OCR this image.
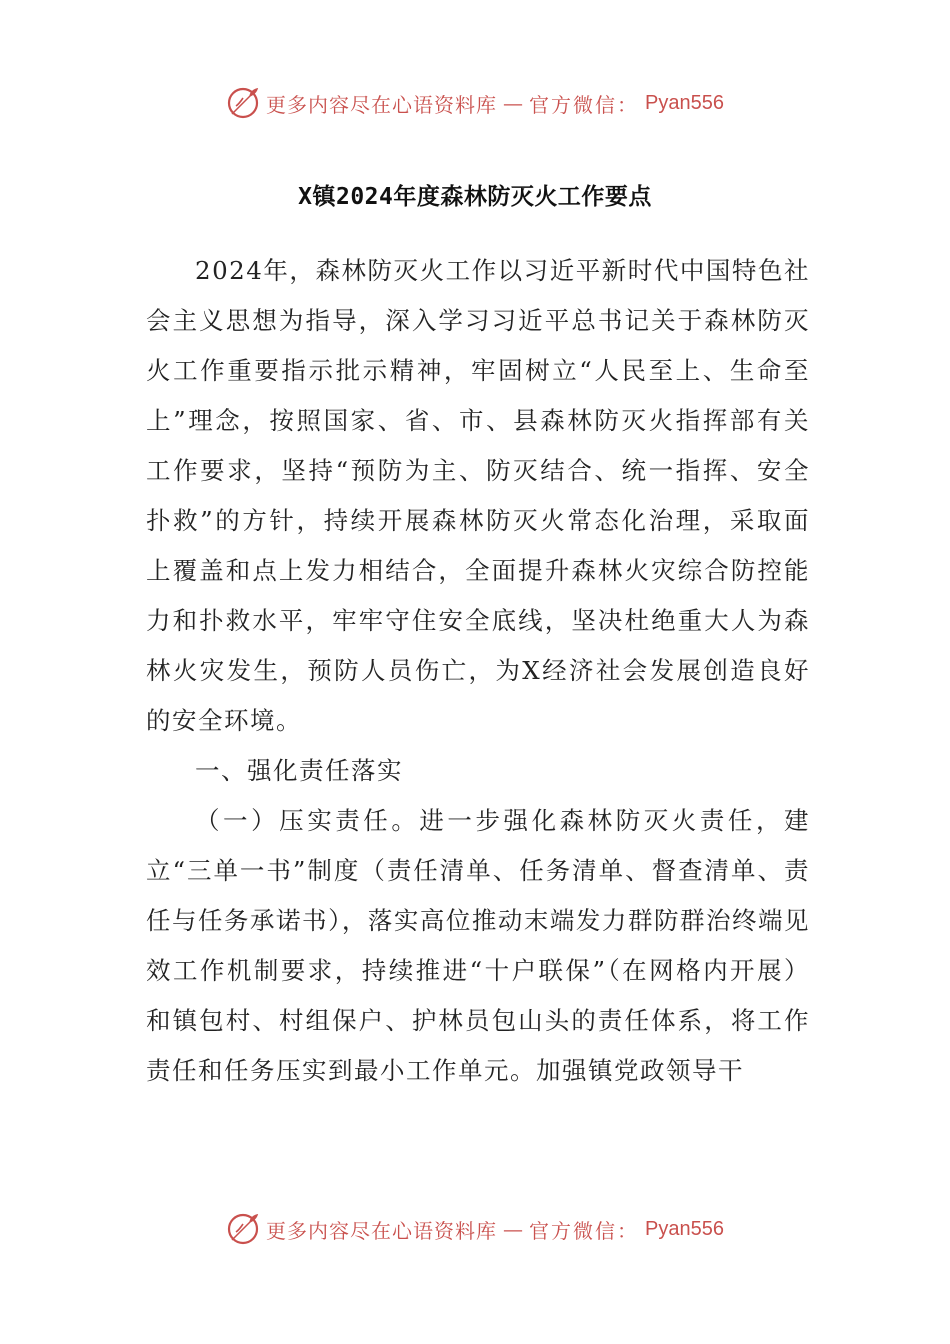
更多内容尽在心语资料库 — 官方微信： Pyan556
X镇2024年度森林防灭火工作要点

2024年，森林防灭火工作以习近平新时代中国特色社会主义思想为指导，深入学习习近平总书记关于森林防灭火工作重要指示批示精神，牢固树立“人民至上、生命至上”理念，按照国家、省、市、县森林防灭火指挥部有关工作要求，坚持“预防为主、防灭结合、统一指挥、安全扑救”的方针，持续开展森林防灭火常态化治理，采取面上覆盖和点上发力相结合，全面提升森林火灾综合防控能力和扑救水平，牢牢守住安全底线，坚决杜绝重大人为森林火灾发生，预防人员伤亡，为X经济社会发展创造良好的安全环境。

一、强化责任落实

（一）压实责任。进一步强化森林防灭火责任，建立“三单一书”制度（责任清单、任务清单、督查清单、责任与任务承诺书），落实高位推动末端发力群防群治终端见效工作机制要求，持续推进“十户联保”（在网格内开展）和镇包村、村组保户、护林员包山头的责任体系，将工作责任和任务压实到最小工作单元。加强镇党政领导干

更多内容尽在心语资料库 — 官方微信： Pyan556
